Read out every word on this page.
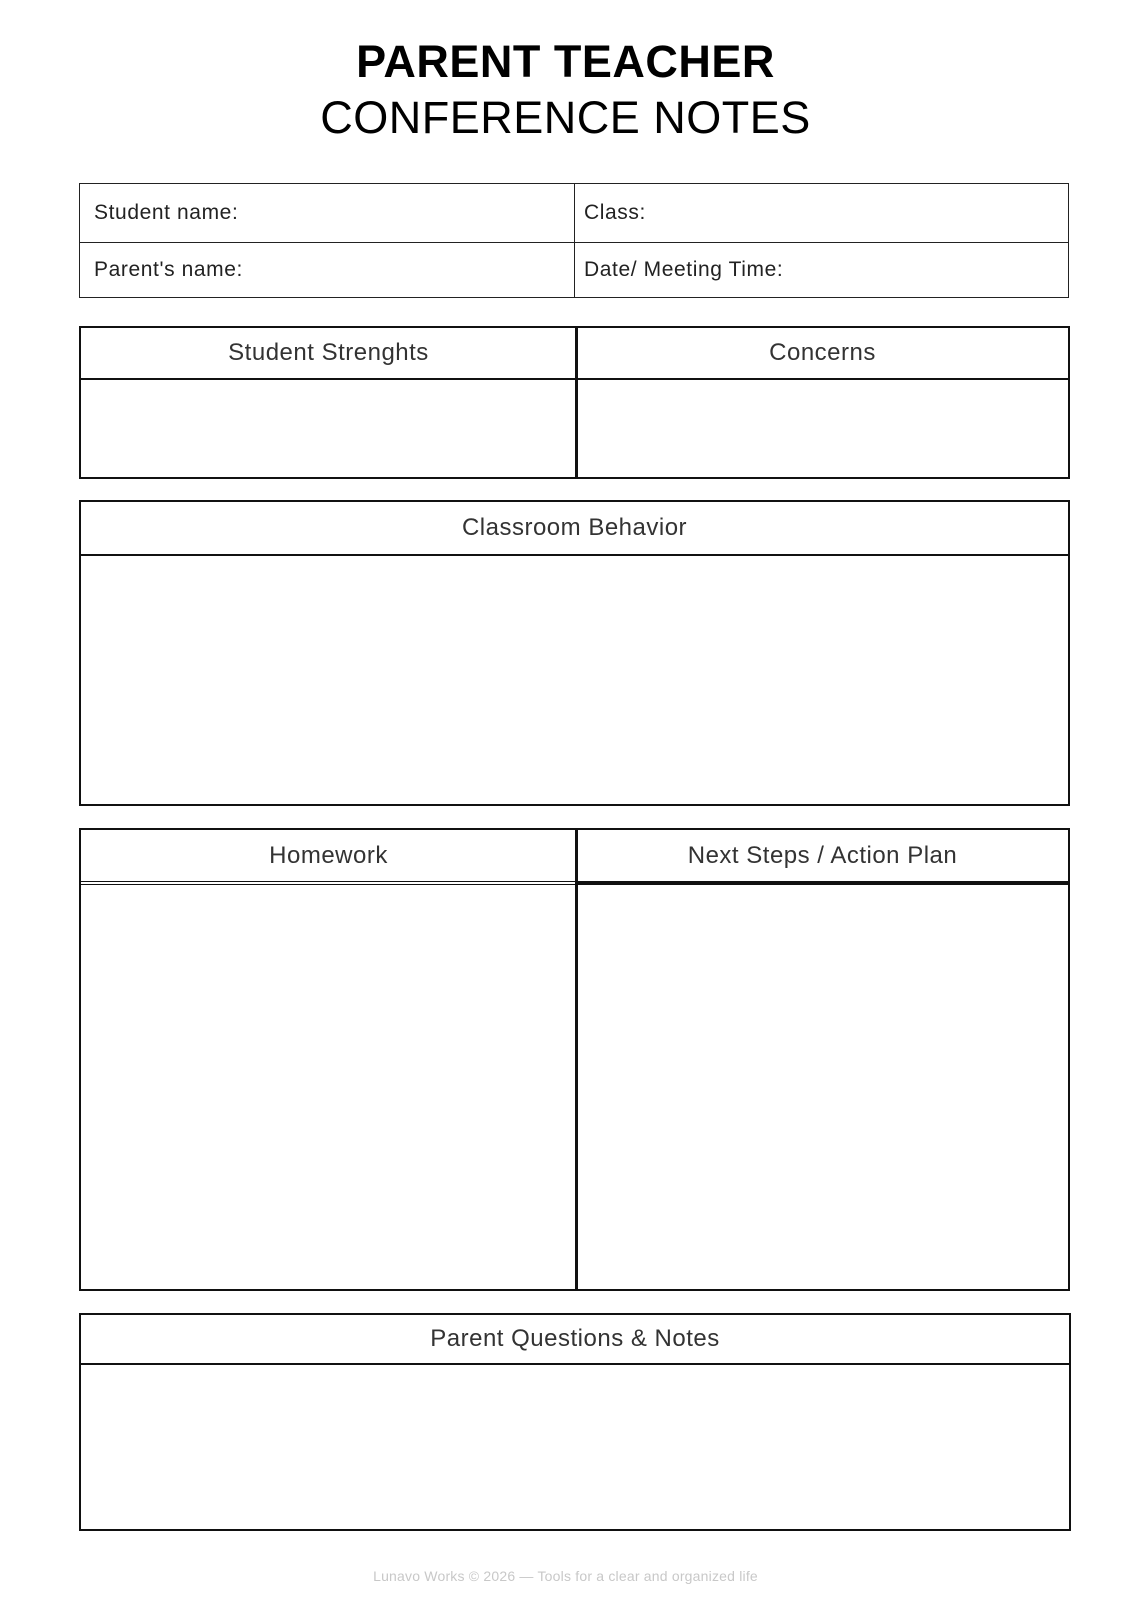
PARENT TEACHER
CONFERENCE NOTES
Student name:	Class:
Parent's name:	Date/ Meeting Time:
Student Strenghts	Concerns
Classroom Behavior
Homework	Next Steps / Action Plan
Parent Questions & Notes
Lunavo Works © 2026 — Tools for a clear and organized life
